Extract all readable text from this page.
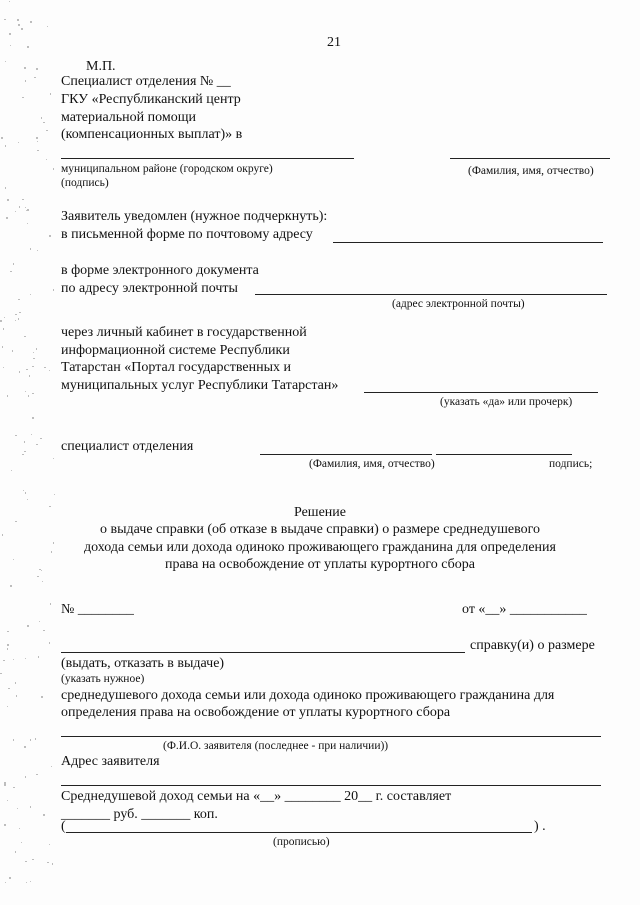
21
М.П.
Специалист отделения № __
ГКУ «Республиканский центр
материальной помощи
(компенсационных выплат)» в
муниципальном районе (городском округе)	(Фамилия, имя, отчество)
(подпись)
Заявитель уведомлен (нужное подчеркнуть):
в письменной форме по почтовому адресу
в форме электронного документа
по адресу электронной почты
(адрес электронной почты)
через личный кабинет в государственной
информационной системе Республики
Татарстан «Портал государственных и
муниципальных услуг Республики Татарстан»
(указать «да» или прочерк)
специалист отделения
(Фамилия, имя, отчество)	подпись;
Решение
о выдаче справки (об отказе в выдаче справки) о размере среднедушевого
дохода семьи или дохода одиноко проживающего гражданина для определения
права на освобождение от уплаты курортного сбора
№ ________	от «__» ___________
справку(и) о размере
(выдать, отказать в выдаче)
(указать нужное)
среднедушевого дохода семьи или дохода одиноко проживающего гражданина для
определения права на освобождение от уплаты курортного сбора
(Ф.И.О. заявителя (последнее - при наличии))
Адрес заявителя
Среднедушевой доход семьи на «__» ________ 20__ г. составляет
_______ руб. _______ коп.
(	) .
(прописью)
